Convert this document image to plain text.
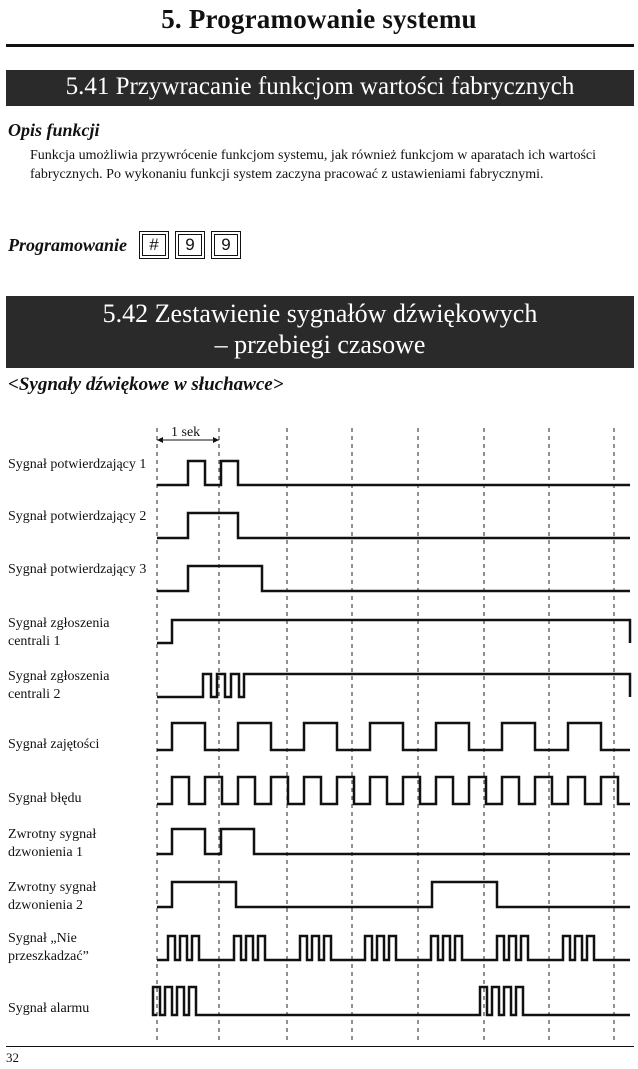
5. Programowanie systemu
5.41 Przywracanie funkcjom wartości fabrycznych
Opis funkcji
Funkcja umożliwia przywrócenie funkcjom systemu, jak również funkcjom w aparatach ich wartości fabrycznych. Po wykonaniu funkcji system zaczyna pracować z ustawieniami fabrycznymi.
Programowanie	#	9	9
5.42 Zestawienie sygnałów dźwiękowych
– przebiegi czasowe
<Sygnały dźwiękowe w słuchawce>
1 sek
Sygnał potwierdzający 1
Sygnał potwierdzający 2
Sygnał potwierdzający 3
Sygnał zgłoszenia centrali 1
Sygnał zgłoszenia centrali 2
Sygnał zajętości
Sygnał błędu
Zwrotny sygnał dzwonienia 1
Zwrotny sygnał dzwonienia 2
Sygnał „Nie przeszkadzać”
Sygnał alarmu
32
